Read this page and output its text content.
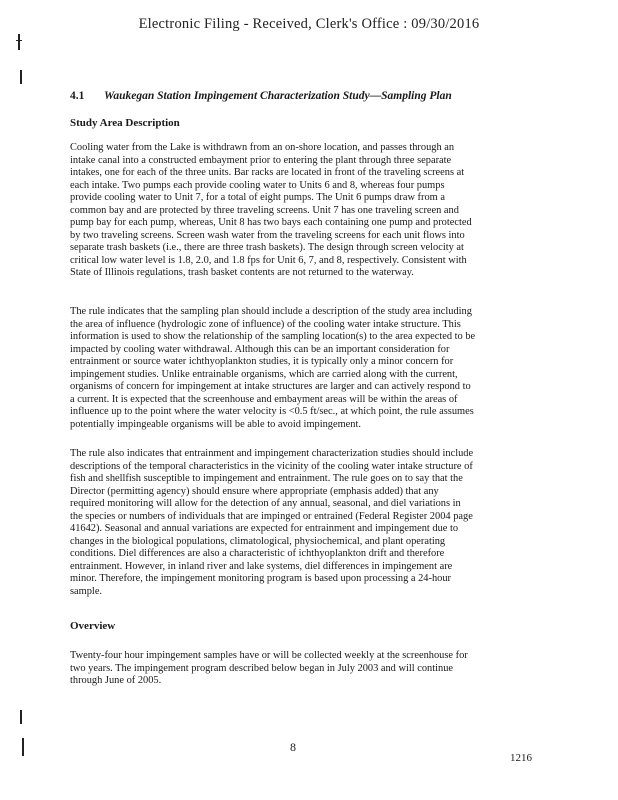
Electronic Filing - Received, Clerk's Office : 09/30/2016
4.1 Waukegan Station Impingement Characterization Study—Sampling Plan
Study Area Description

Cooling water from the Lake is withdrawn from an on-shore location, and passes through an

intake canal into a constructed embayment prior to entering the plant through three separate

intakes, one for each of the three units. Bar racks are located in front of the traveling screens at

each intake. Two pumps each provide cooling water to Units 6 and 8, whereas four pumps

provide cooling water to Unit 7, for a total of eight pumps. The Unit 6 pumps draw from a

common bay and are protected by three traveling screens. Unit 7 has one traveling screen and

pump bay for each pump, whereas, Unit 8 has two bays each containing one pump and protected

by two traveling screens. Screen wash water from the traveling screens for each unit flows into

separate trash baskets (i.e., there are three trash baskets). The design through screen velocity at

critical low water level is 1.8, 2.0, and 1.8 fps for Unit 6, 7, and 8, respectively. Consistent with

State of Illinois regulations, trash basket contents are not returned to the waterway.

The rule indicates that the sampling plan should include a description of the study area including

the area of influence (hydrologic zone of influence) of the cooling water intake structure. This

information is used to show the relationship of the sampling location(s) to the area expected to be

impacted by cooling water withdrawal. Although this can be an important consideration for

entrainment or source water ichthyoplankton studies, it is typically only a minor concern for

impingement studies. Unlike entrainable organisms, which are carried along with the current,

organisms of concern for impingement at intake structures are larger and can actively respond to

a current. It is expected that the screenhouse and embayment areas will be within the areas of

influence up to the point where the water velocity is <0.5 ft/sec., at which point, the rule assumes

potentially impingeable organisms will be able to avoid impingement.

The rule also indicates that entrainment and impingement characterization studies should include

descriptions of the temporal characteristics in the vicinity of the cooling water intake structure of

fish and shellfish susceptible to impingement and entrainment. The rule goes on to say that the

Director (permitting agency) should ensure where appropriate (emphasis added) that any

required monitoring will allow for the detection of any annual, seasonal, and diel variations in

the species or numbers of individuals that are impinged or entrained (Federal Register 2004 page

41642). Seasonal and annual variations are expected for entrainment and impingement due to

changes in the biological populations, climatological, physiochemical, and plant operating

conditions. Diel differences are also a characteristic of ichthyoplankton drift and therefore

entrainment. However, in inland river and lake systems, diel differences in impingement are

minor. Therefore, the impingement monitoring program is based upon processing a 24-hour

sample.

Overview

Twenty-four hour impingement samples have or will be collected weekly at the screenhouse for

two years. The impingement program described below began in July 2003 and will continue

through June of 2005.

8
1216
